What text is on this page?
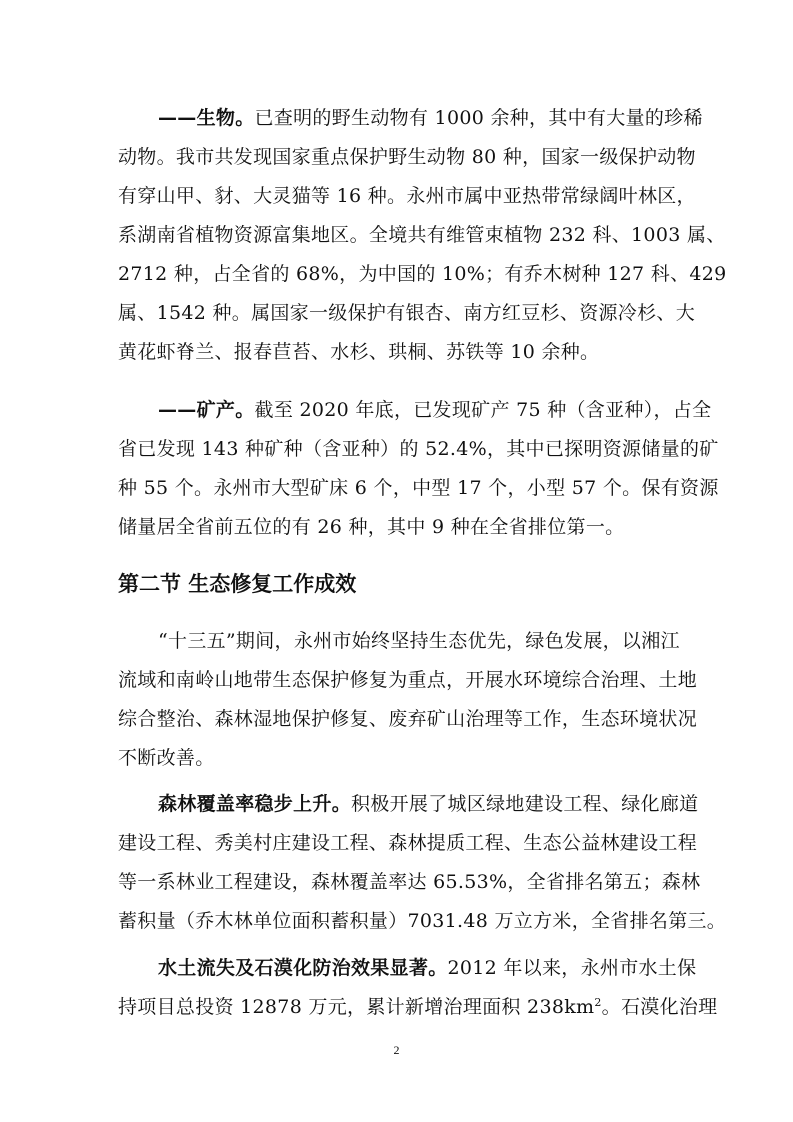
——生物。已查明的野生动物有 1000 余种，其中有大量的珍稀
动物。我市共发现国家重点保护野生动物 80 种，国家一级保护动物
有穿山甲、豺、大灵猫等 16 种。永州市属中亚热带常绿阔叶林区，
系湖南省植物资源富集地区。全境共有维管束植物 232 科、1003 属、
2712 种，占全省的 68%，为中国的 10%；有乔木树种 127 科、429
属、1542 种。属国家一级保护有银杏、南方红豆杉、资源冷杉、大
黄花虾脊兰、报春苣苔、水杉、珙桐、苏铁等 10 余种。
——矿产。截至 2020 年底，已发现矿产 75 种（含亚种），占全
省已发现 143 种矿种（含亚种）的 52.4%，其中已探明资源储量的矿
种 55 个。永州市大型矿床 6 个，中型 17 个，小型 57 个。保有资源
储量居全省前五位的有 26 种，其中 9 种在全省排位第一。
第二节 生态修复工作成效
“十三五”期间，永州市始终坚持生态优先，绿色发展，以湘江
流域和南岭山地带生态保护修复为重点，开展水环境综合治理、土地
综合整治、森林湿地保护修复、废弃矿山治理等工作，生态环境状况
不断改善。
森林覆盖率稳步上升。积极开展了城区绿地建设工程、绿化廊道
建设工程、秀美村庄建设工程、森林提质工程、生态公益林建设工程
等一系林业工程建设，森林覆盖率达 65.53%，全省排名第五；森林
蓄积量（乔木林单位面积蓄积量）7031.48 万立方米，全省排名第三。
水土流失及石漠化防治效果显著。2012 年以来，永州市水土保
持项目总投资 12878 万元，累计新增治理面积 $238km^2$。石漠化治理
2
